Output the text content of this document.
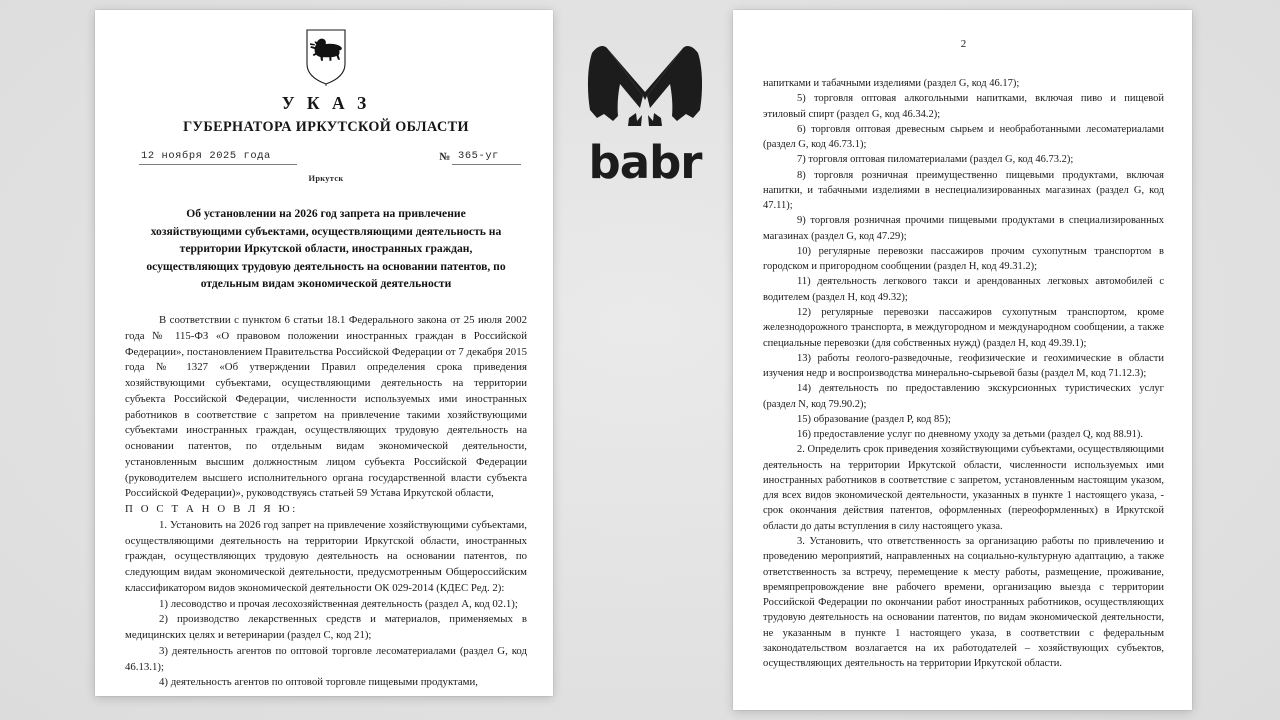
У К А З
ГУБЕРНАТОРА ИРКУТСКОЙ ОБЛАСТИ
12 ноября 2025 года	№ 365-уг
Иркутск
Об установлении на 2026 год запрета на привлечение хозяйствующими субъектами, осуществляющими деятельность на территории Иркутской области, иностранных граждан, осуществляющих трудовую деятельность на основании патентов, по отдельным видам экономической деятельности

В соответствии с пунктом 6 статьи 18.1 Федерального закона от 25 июля 2002 года № 115-ФЗ «О правовом положении иностранных граждан в Российской Федерации», постановлением Правительства Российской Федерации от 7 декабря 2015 года № 1327 «Об утверждении Правил определения срока приведения хозяйствующими субъектами, осуществляющими деятельность на территории субъекта Российской Федерации, численности используемых ими иностранных работников в соответствие с запретом на привлечение такими хозяйствующими субъектами иностранных граждан, осуществляющих трудовую деятельность на основании патентов, по отдельным видам экономической деятельности, установленным высшим должностным лицом субъекта Российской Федерации (руководителем высшего исполнительного органа государственной власти субъекта Российской Федерации)», руководствуясь статьей 59 Устава Иркутской области,

П О С Т А Н О В Л Я Ю:

1. Установить на 2026 год запрет на привлечение хозяйствующими субъектами, осуществляющими деятельность на территории Иркутской области, иностранных граждан, осуществляющих трудовую деятельность на основании патентов, по следующим видам экономической деятельности, предусмотренным Общероссийским классификатором видов экономической деятельности ОК 029-2014 (КДЕС Ред. 2):

1) лесоводство и прочая лесохозяйственная деятельность (раздел А, код 02.1);

2) производство лекарственных средств и материалов, применяемых в медицинских целях и ветеринарии (раздел С, код 21);

3) деятельность агентов по оптовой торговле лесоматериалами (раздел G, код 46.13.1);

4) деятельность агентов по оптовой торговле пищевыми продуктами,

babr
2

напитками и табачными изделиями (раздел G, код 46.17);

5) торговля оптовая алкогольными напитками, включая пиво и пищевой этиловый спирт (раздел G, код 46.34.2);

6) торговля оптовая древесным сырьем и необработанными лесоматериалами (раздел G, код 46.73.1);

7) торговля оптовая пиломатериалами (раздел G, код 46.73.2);

8) торговля розничная преимущественно пищевыми продуктами, включая напитки, и табачными изделиями в неспециализированных магазинах (раздел G, код 47.11);

9) торговля розничная прочими пищевыми продуктами в специализированных магазинах (раздел G, код 47.29);

10) регулярные перевозки пассажиров прочим сухопутным транспортом в городском и пригородном сообщении (раздел Н, код 49.31.2);

11) деятельность легкового такси и арендованных легковых автомобилей с водителем (раздел Н, код 49.32);

12) регулярные перевозки пассажиров сухопутным транспортом, кроме железнодорожного транспорта, в междугородном и международном сообщении, а также специальные перевозки (для собственных нужд) (раздел Н, код 49.39.1);

13) работы геолого-разведочные, геофизические и геохимические в области изучения недр и воспроизводства минерально-сырьевой базы (раздел М, код 71.12.3);

14) деятельность по предоставлению экскурсионных туристических услуг (раздел N, код 79.90.2);

15) образование (раздел Р, код 85);

16) предоставление услуг по дневному уходу за детьми (раздел Q, код 88.91).

2. Определить срок приведения хозяйствующими субъектами, осуществляющими деятельность на территории Иркутской области, численности используемых ими иностранных работников в соответствие с запретом, установленным настоящим указом, для всех видов экономической деятельности, указанных в пункте 1 настоящего указа, - срок окончания действия патентов, оформленных (переоформленных) в Иркутской области до даты вступления в силу настоящего указа.

3. Установить, что ответственность за организацию работы по привлечению и проведению мероприятий, направленных на социально-культурную адаптацию, а также ответственность за встречу, перемещение к месту работы, размещение, проживание, времяпрепровождение вне рабочего времени, организацию выезда с территории Российской Федерации по окончании работ иностранных работников, осуществляющих трудовую деятельность на основании патентов, по видам экономической деятельности, не указанным в пункте 1 настоящего указа, в соответствии с федеральным законодательством возлагается на их работодателей – хозяйствующих субъектов, осуществляющих деятельность на территории Иркутской области.
